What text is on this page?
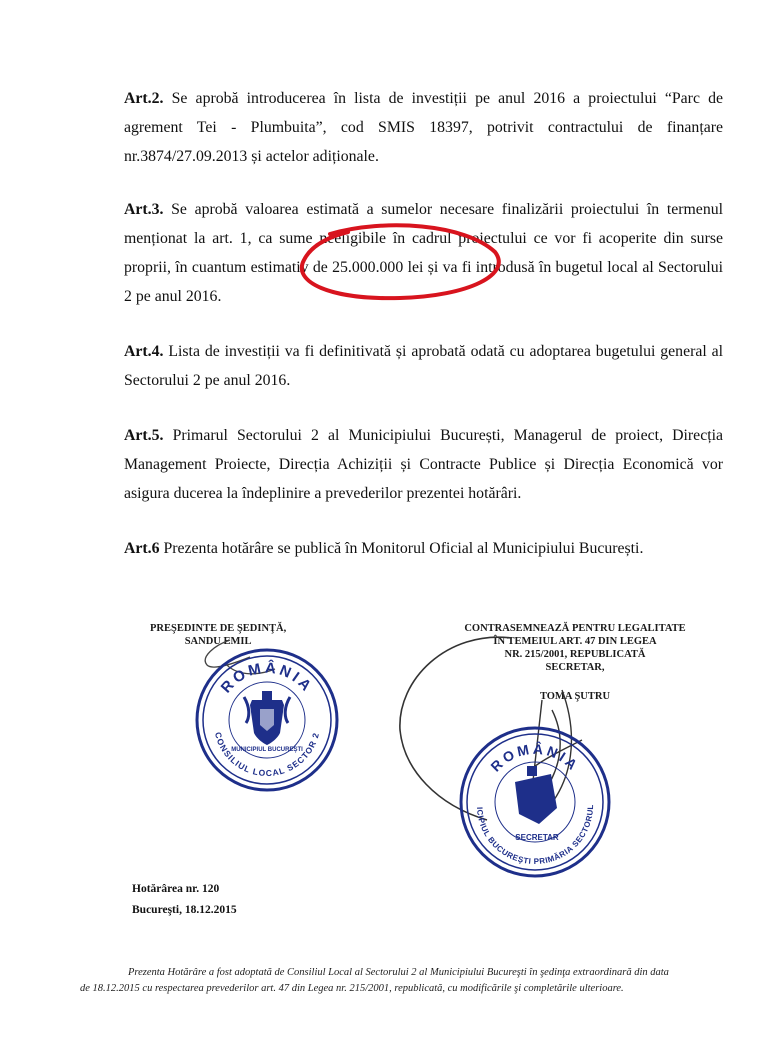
Art.2. Se aprobă introducerea în lista de investiții pe anul 2016 a proiectului “Parc de agrement Tei - Plumbuita”, cod SMIS 18397, potrivit contractului de finanțare nr.3874/27.09.2013 și actelor adiționale.
Art.3. Se aprobă valoarea estimată a sumelor necesare finalizării proiectului în termenul menționat la art. 1, ca sume neeligibile în cadrul proiectului ce vor fi acoperite din surse proprii, în cuantum estimativ de 25.000.000 lei și va fi introdusă în bugetul local al Sectorului 2 pe anul 2016.
Art.4. Lista de investiții va fi definitivată și aprobată odată cu adoptarea bugetului general al Sectorului 2 pe anul 2016.
Art.5. Primarul Sectorului 2 al Municipiului București, Managerul de proiect, Direcția Management Proiecte, Direcția Achiziții și Contracte Publice și Direcția Economică vor asigura ducerea la îndeplinire a prevederilor prezentei hotărâri.
Art.6 Prezenta hotărâre se publică în Monitorul Oficial al Municipiului București.
PREŞEDINTE DE ŞEDINŢĂ,
SANDU EMIL
ROMÂNIA
CONSILIUL LOCAL SECTOR 2
MUNICIPIUL BUCUREŞTI
CONTRASEMNEAZĂ PENTRU LEGALITATE
ÎN TEMEIUL ART. 47 DIN LEGEA
NR. 215/2001, REPUBLICATĂ
SECRETAR,
TOMA ŞUTRU
ROMÂNIA
MUNICIPIUL BUCUREŞTI PRIMĂRIA SECTORULUI 2
SECRETAR
Hotărârea nr. 120
Bucureşti, 18.12.2015
Prezenta Hotărâre a fost adoptată de Consiliul Local al Sectorului 2 al Municipiului Bucureşti în şedinţa extraordinară din data
de 18.12.2015 cu respectarea prevederilor art. 47 din Legea nr. 215/2001, republicată, cu modificările şi completările ulterioare.
